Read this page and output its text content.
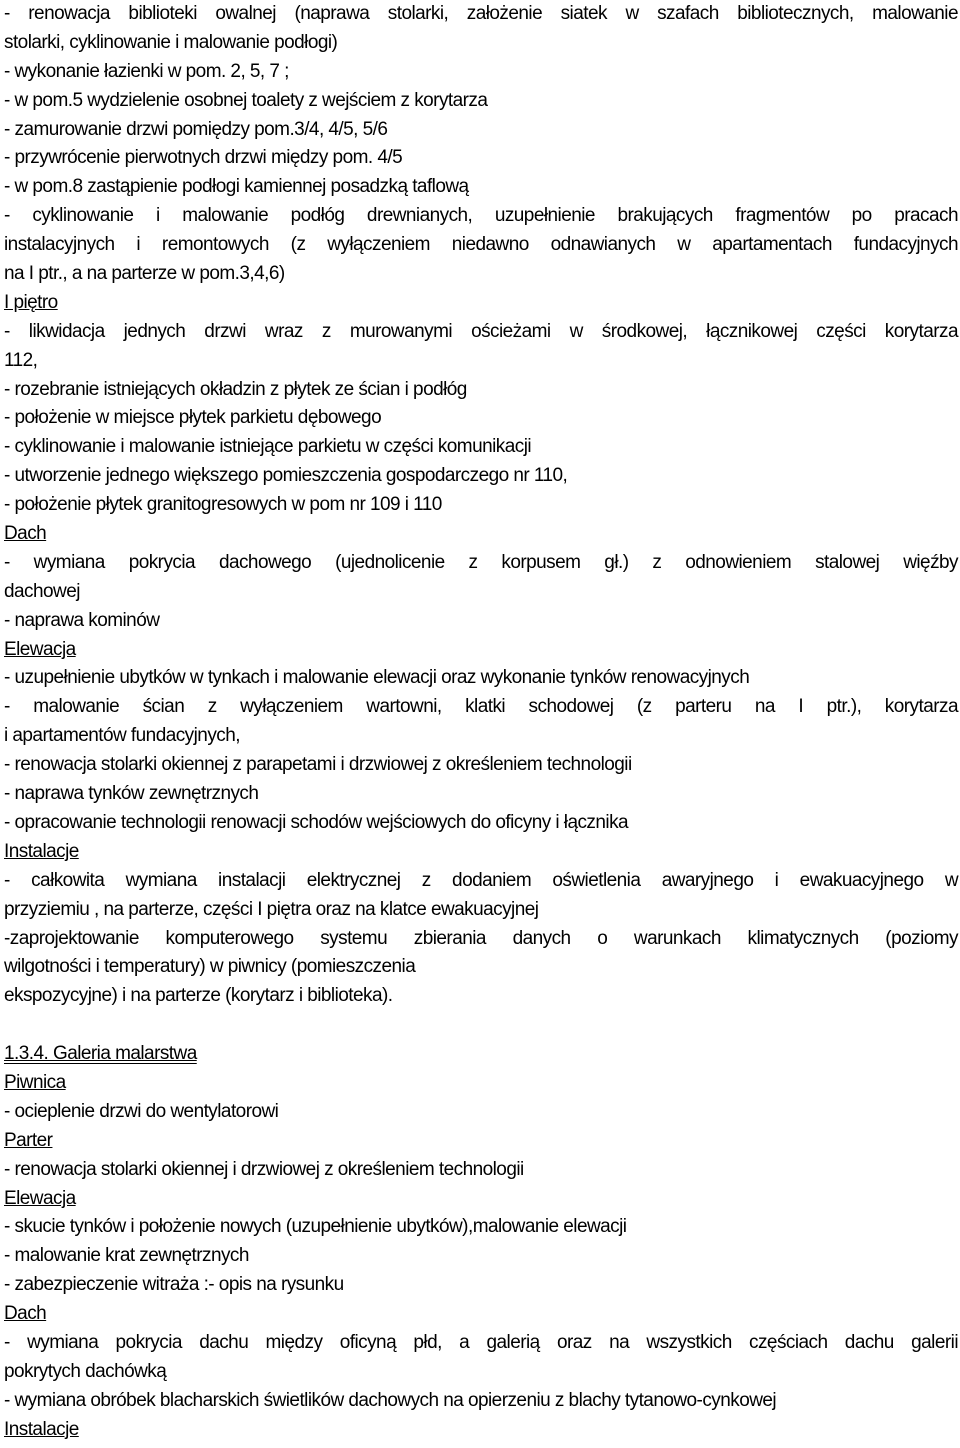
- renowacja biblioteki owalnej (naprawa stolarki, założenie siatek w szafach bibliotecznych, malowanie
stolarki, cyklinowanie i malowanie podłogi)
- wykonanie łazienki w pom. 2, 5, 7 ;
- w pom.5 wydzielenie osobnej toalety z wejściem z korytarza
- zamurowanie drzwi pomiędzy pom.3/4, 4/5, 5/6
- przywrócenie pierwotnych drzwi między pom. 4/5
- w pom.8 zastąpienie podłogi kamiennej posadzką taflową
- cyklinowanie i malowanie podłóg drewnianych, uzupełnienie brakujących fragmentów po pracach
instalacyjnych i remontowych (z wyłączeniem niedawno odnawianych w apartamentach fundacyjnych
na I ptr., a na parterze w pom.3,4,6)
I piętro
- likwidacja jednych drzwi wraz z murowanymi ościeżami w środkowej, łącznikowej części korytarza
112,
- rozebranie istniejących okładzin z płytek ze ścian i podłóg
- położenie w miejsce płytek parkietu dębowego
- cyklinowanie i malowanie istniejące parkietu w części komunikacji
- utworzenie jednego większego pomieszczenia gospodarczego nr 110,
- położenie płytek granitogresowych w pom nr 109 i 110
Dach
- wymiana pokrycia dachowego (ujednolicenie z korpusem gł.) z odnowieniem stalowej więźby
dachowej
- naprawa kominów
Elewacja
- uzupełnienie ubytków w tynkach i malowanie elewacji oraz wykonanie tynków renowacyjnych
- malowanie ścian z wyłączeniem wartowni, klatki schodowej (z parteru na I ptr.), korytarza
i apartamentów fundacyjnych,
- renowacja stolarki okiennej z parapetami i drzwiowej z określeniem technologii
- naprawa tynków zewnętrznych
- opracowanie technologii renowacji schodów wejściowych do oficyny i łącznika
Instalacje
- całkowita wymiana instalacji elektrycznej z dodaniem oświetlenia awaryjnego i ewakuacyjnego w
przyziemiu , na parterze, części I piętra oraz na klatce ewakuacyjnej
-zaprojektowanie komputerowego systemu zbierania danych o warunkach klimatycznych (poziomy
wilgotności i temperatury) w piwnicy (pomieszczenia
ekspozycyjne) i na parterze (korytarz i biblioteka).
1.3.4. Galeria malarstwa
Piwnica
- ocieplenie drzwi do wentylatorowi
Parter
- renowacja stolarki okiennej i drzwiowej z określeniem technologii
Elewacja
- skucie tynków i położenie nowych (uzupełnienie ubytków),malowanie elewacji
- malowanie krat zewnętrznych
- zabezpieczenie witraża :- opis na rysunku
Dach
- wymiana pokrycia dachu między oficyną płd, a galerią oraz na wszystkich częściach dachu galerii
pokrytych dachówką
- wymiana obróbek blacharskich świetlików dachowych na opierzeniu z blachy tytanowo-cynkowej
Instalacje
